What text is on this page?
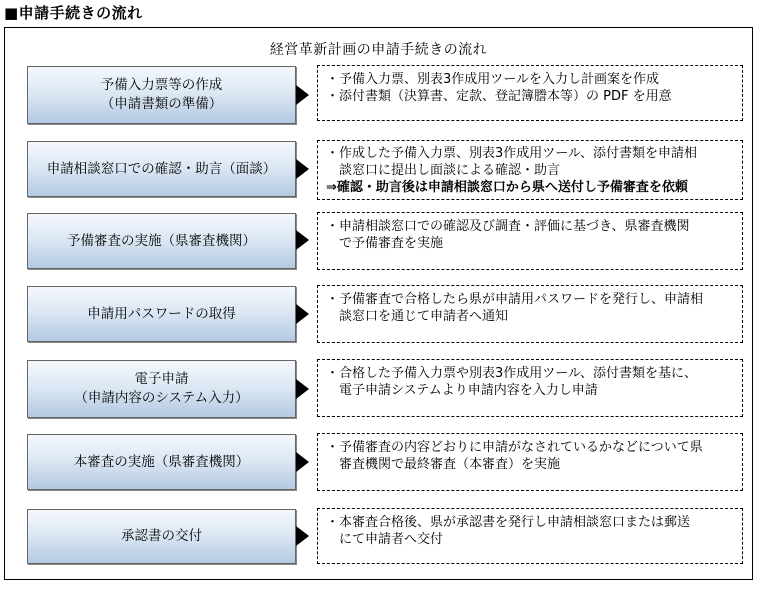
■申請手続きの流れ
経営革新計画の申請手続きの流れ
予備入力票等の作成
（申請書類の準備）
・予備入力票、別表3作成用ツールを入力し計画案を作成
・添付書類（決算書、定款、登記簿謄本等）の PDF を用意
申請相談窓口での確認・助言（面談）
・作成した予備入力票、別表3作成用ツール、添付書類を申請相
　談窓口に提出し面談による確認・助言
⇒確認・助言後は申請相談窓口から県へ送付し予備審査を依頼
予備審査の実施（県審査機関）
・申請相談窓口での確認及び調査・評価に基づき、県審査機関
　で予備審査を実施
申請用パスワードの取得
・予備審査で合格したら県が申請用パスワードを発行し、申請相
　談窓口を通じて申請者へ通知
電子申請
（申請内容のシステム入力）
・合格した予備入力票や別表3作成用ツール、添付書類を基に、
　電子申請システムより申請内容を入力し申請
本審査の実施（県審査機関）
・予備審査の内容どおりに申請がなされているかなどについて県
　審査機関で最終審査（本審査）を実施
承認書の交付
・本審査合格後、県が承認書を発行し申請相談窓口または郵送
　にて申請者へ交付
